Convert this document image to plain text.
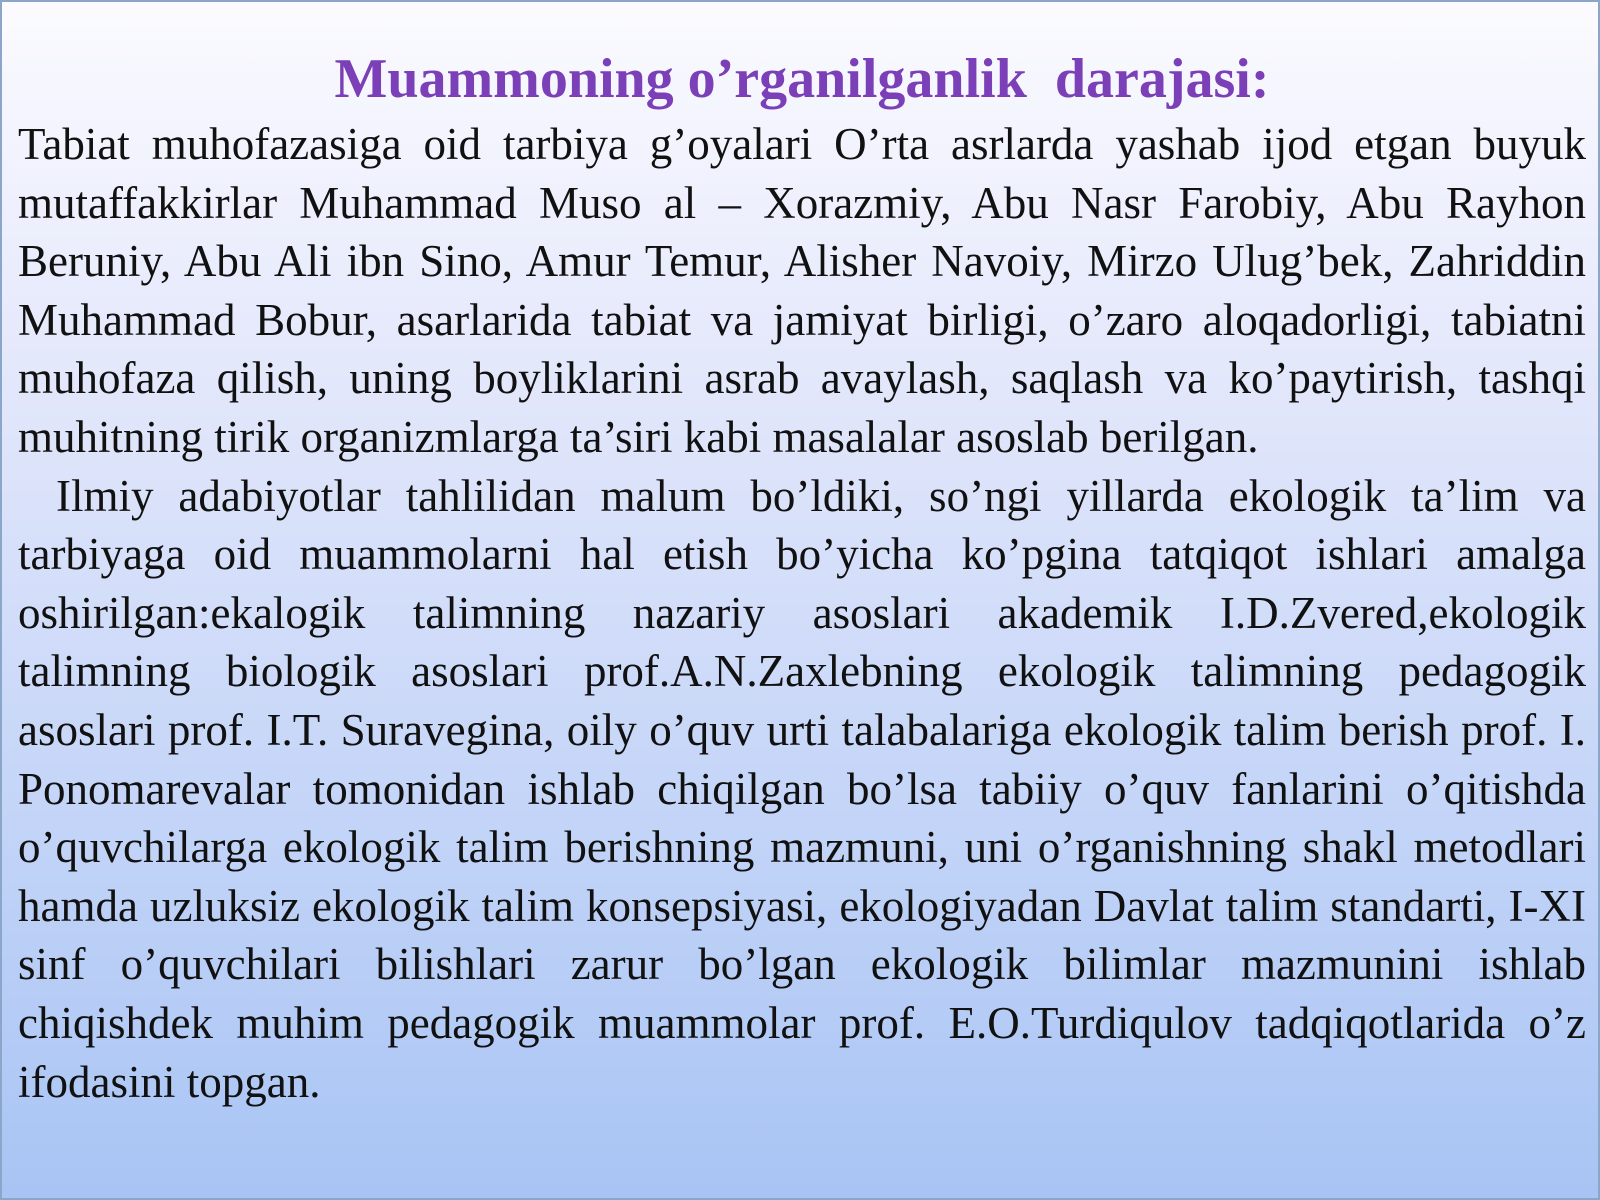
Muammoning o’rganilganlik  darajasi:

Tabiat muhofazasiga oid tarbiya g’oyalari O’rta asrlarda yashab ijod etgan buyuk mutaffakkirlar Muhammad Muso al – Xorazmiy, Abu Nasr Farobiy, Abu Rayhon Beruniy, Abu Ali ibn Sino, Amur Temur, Alisher Navoiy, Mirzo Ulug’bek, Zahriddin Muhammad Bobur, asarlarida tabiat va jamiyat birligi, o’zaro aloqadorligi, tabiatni muhofaza qilish, uning boyliklarini asrab avaylash, saqlash va ko’paytirish, tashqi muhitning tirik organizmlarga ta’siri kabi masalalar asoslab berilgan.

Ilmiy adabiyotlar tahlilidan malum bo’ldiki, so’ngi yillarda ekologik ta’lim va tarbiyaga oid muammolarni hal etish bo’yicha ko’pgina tatqiqot ishlari amalga oshirilgan:ekalogik talimning nazariy asoslari akademik I.D.Zvered,ekologik talimning biologik asoslari prof.A.N.Zaxlebning ekologik talimning pedagogik asoslari prof. I.T. Suravegina, oily o’quv urti talabalariga ekologik talim berish prof. I. Ponomarevalar tomonidan ishlab chiqilgan bo’lsa tabiiy o’quv fanlarini o’qitishda o’quvchilarga ekologik talim berishning mazmuni, uni o’rganishning shakl metodlari hamda uzluksiz ekologik talim konsepsiyasi, ekologiyadan Davlat talim standarti, I-XI sinf o’quvchilari bilishlari zarur bo’lgan ekologik bilimlar mazmunini ishlab chiqishdek muhim pedagogik muammolar prof. E.O.Turdiqulov tadqiqotlarida o’z ifodasini topgan.
